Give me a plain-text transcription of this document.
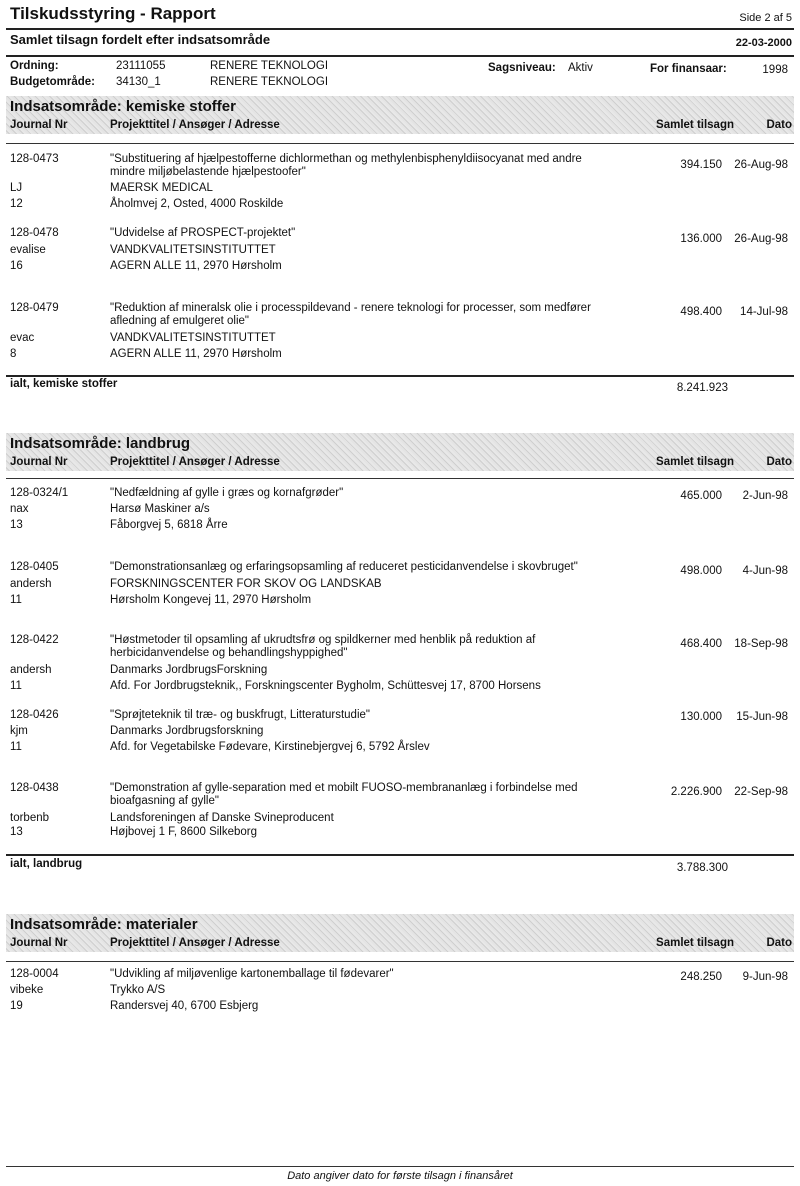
Tilskudsstyring - Rapport	Side 2 af 5
Samlet tilsagn fordelt efter indsatsområde	22-03-2000
Ordning:	23111055	RENERE TEKNOLOGI	Sagsniveau: Aktiv	For finansaar:	1998
Budgetområde: 34130_1	RENERE TEKNOLOGI
Indsatsområde: kemiske stoffer
Journal Nr	Projekttitel / Ansøger / Adresse	Samlet tilsagn	Dato
128-0473	"Substituering af hjælpestofferne dichlormethan og methylenbisphenyldiisocyanat med andre mindre miljøbelastende hjælpestoofer"
394.150 26-Aug-98
LJ	MAERSK MEDICAL
12	Åholmvej 2, Osted, 4000 Roskilde
128-0478	"Udvidelse af PROSPECT-projektet"	136.000 26-Aug-98
evalise	VANDKVALITETSINSTITUTTET
16	AGERN ALLE 11, 2970 Hørsholm
128-0479	"Reduktion af mineralsk olie i processpildevand - renere teknologi for processer, som medfører afledning af emulgeret olie"
498.400 14-Jul-98
evac	VANDKVALITETSINSTITUTTET
8	AGERN ALLE 11, 2970 Hørsholm
ialt, kemiske stoffer	8.241.923
Indsatsområde: landbrug
Journal Nr	Projekttitel / Ansøger / Adresse	Samlet tilsagn	Dato
128-0324/1	"Nedfældning af gylle i græs og kornafgrøder"	465.000 2-Jun-98
nax	Harsø Maskiner a/s
13	Fåborgvej 5, 6818 Årre
128-0405	"Demonstrationsanlæg og erfaringsopsamling af reduceret pesticidanvendelse i skovbruget"	498.000 4-Jun-98
andersh	FORSKNINGSCENTER FOR SKOV OG LANDSKAB
11	Hørsholm Kongevej 11, 2970 Hørsholm
128-0422	"Høstmetoder til opsamling af ukrudtsfrø og spildkerner med henblik på reduktion af herbicidanvendelse og behandlingshyppighed"
468.400 18-Sep-98
andersh	Danmarks JordbrugsForskning
11	Afd. For Jordbrugsteknik,, Forskningscenter Bygholm, Schüttesvej 17, 8700 Horsens
128-0426	"Sprøjteteknik til træ- og buskfrugt, Litteraturstudie"	130.000 15-Jun-98
kjm	Danmarks Jordbrugsforskning
11	Afd. for Vegetabilske Fødevare, Kirstinebjergvej 6, 5792 Årslev
128-0438	"Demonstration af gylle-separation med et mobilt FUOSO-membrananlæg i forbindelse med bioafgasning af gylle"
2.226.900 22-Sep-98
torbenb	Landsforeningen af Danske Svineproducent
13	Højbovej 1 F, 8600 Silkeborg
ialt, landbrug	3.788.300
Indsatsområde: materialer
Journal Nr	Projekttitel / Ansøger / Adresse	Samlet tilsagn	Dato
128-0004	"Udvikling af miljøvenlige kartonemballage til fødevarer"	248.250 9-Jun-98
vibeke	Trykko A/S
19	Randersvej 40, 6700 Esbjerg
Dato angiver dato for første tilsagn i finansåret
